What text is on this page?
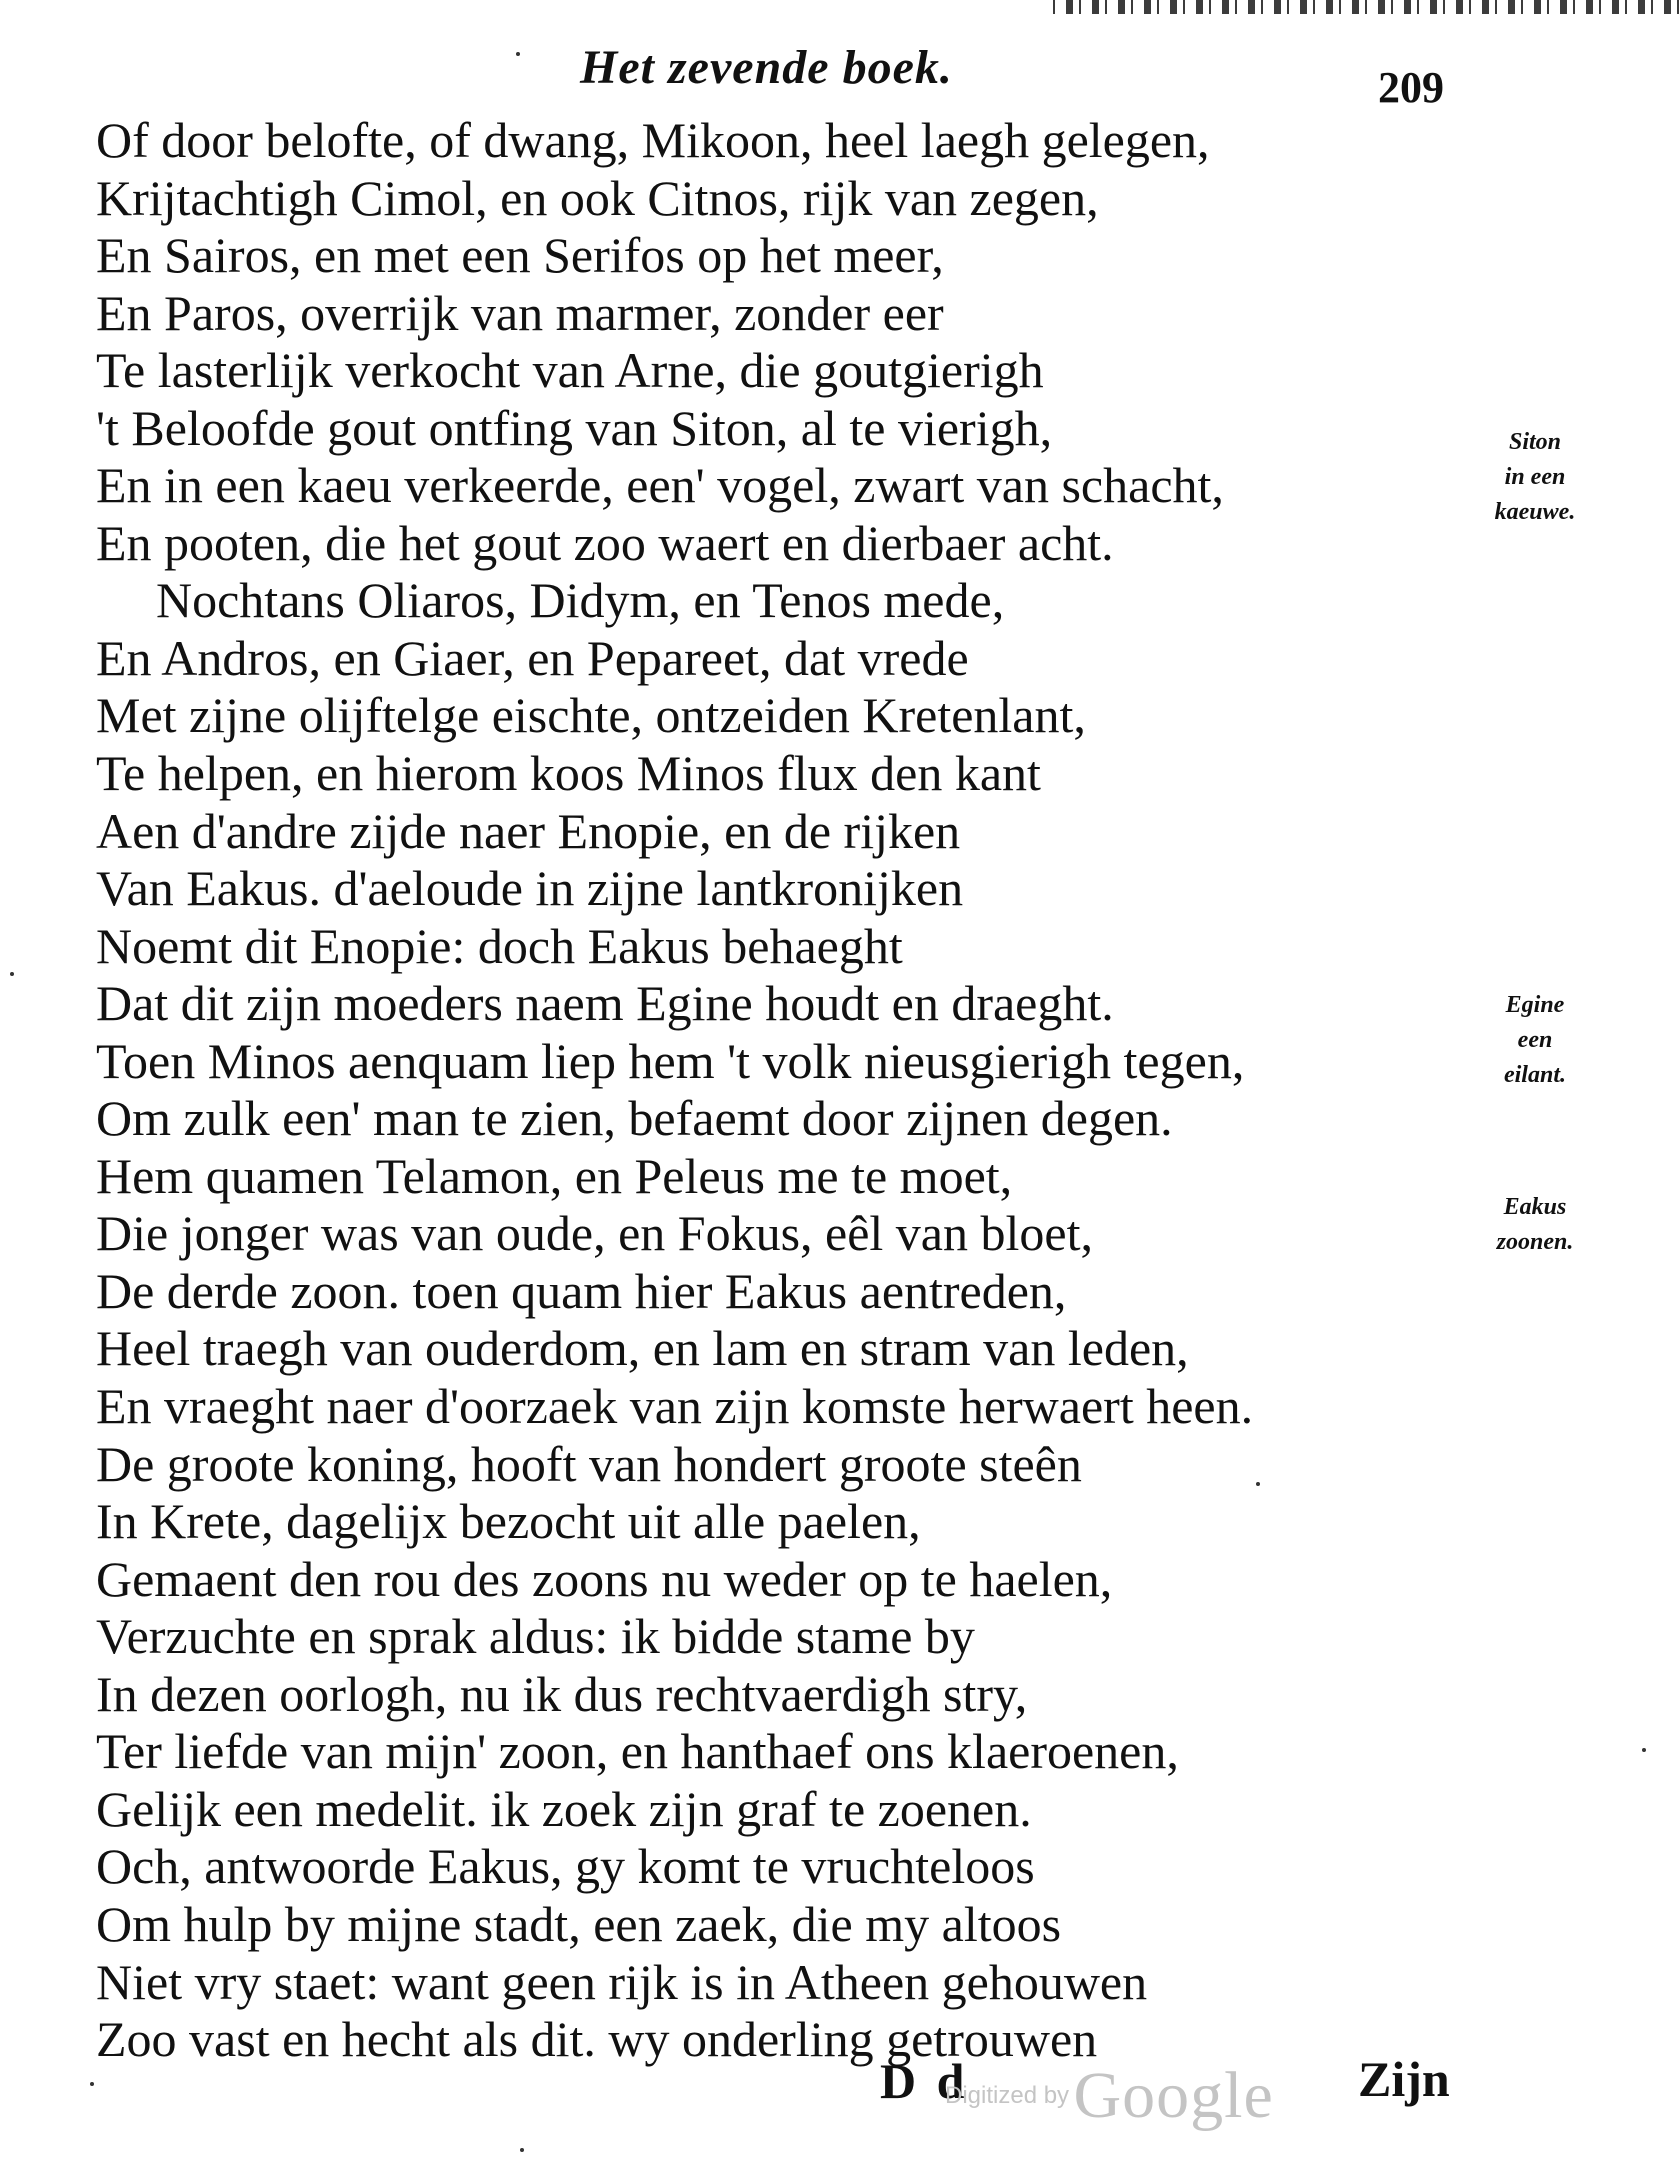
Het zevende boek.	209
Of door belofte, of dwang, Mikoon, heel laegh gelegen,
Krijtachtigh Cimol, en ook Citnos, rijk van zegen,
En Sairos, en met een Serifos op het meer,
En Paros, overrijk van marmer, zonder eer
Te lasterlijk verkocht van Arne, die goutgierigh
't Beloofde gout ontfing van Siton, al te vierigh,
En in een kaeu verkeerde, een' vogel, zwart van schacht,
En pooten, die het gout zoo waert en dierbaer acht.
Nochtans Oliaros, Didym, en Tenos mede,
En Andros, en Giaer, en Pepareet, dat vrede
Met zijne olijftelge eischte, ontzeiden Kretenlant,
Te helpen, en hierom koos Minos flux den kant
Aen d'andre zijde naer Enopie, en de rijken
Van Eakus. d'aeloude in zijne lantkronijken
Noemt dit Enopie: doch Eakus behaeght
Dat dit zijn moeders naem Egine houdt en draeght.
Toen Minos aenquam liep hem 't volk nieusgierigh tegen,
Om zulk een' man te zien, befaemt door zijnen degen.
Hem quamen Telamon, en Peleus me te moet,
Die jonger was van oude, en Fokus, eêl van bloet,
De derde zoon. toen quam hier Eakus aentreden,
Heel traegh van ouderdom, en lam en stram van leden,
En vraeght naer d'oorzaek van zijn komste herwaert heen.
De groote koning, hooft van hondert groote steên
In Krete, dagelijx bezocht uit alle paelen,
Gemaent den rou des zoons nu weder op te haelen,
Verzuchte en sprak aldus: ik bidde stame by
In dezen oorlogh, nu ik dus rechtvaerdigh stry,
Ter liefde van mijn' zoon, en hanthaef ons klaeroenen,
Gelijk een medelit. ik zoek zijn graf te zoenen.
Och, antwoorde Eakus, gy komt te vruchteloos
Om hulp by mijne stadt, een zaek, die my altoos
Niet vry staet: want geen rijk is in Atheen gehouwen
Zoo vast en hecht als dit. wy onderling getrouwen
Siton
in een
kaeuwe.
Egine
een
eilant.
Eakus
zoonen.
D d
Digitized by Google Zijn
